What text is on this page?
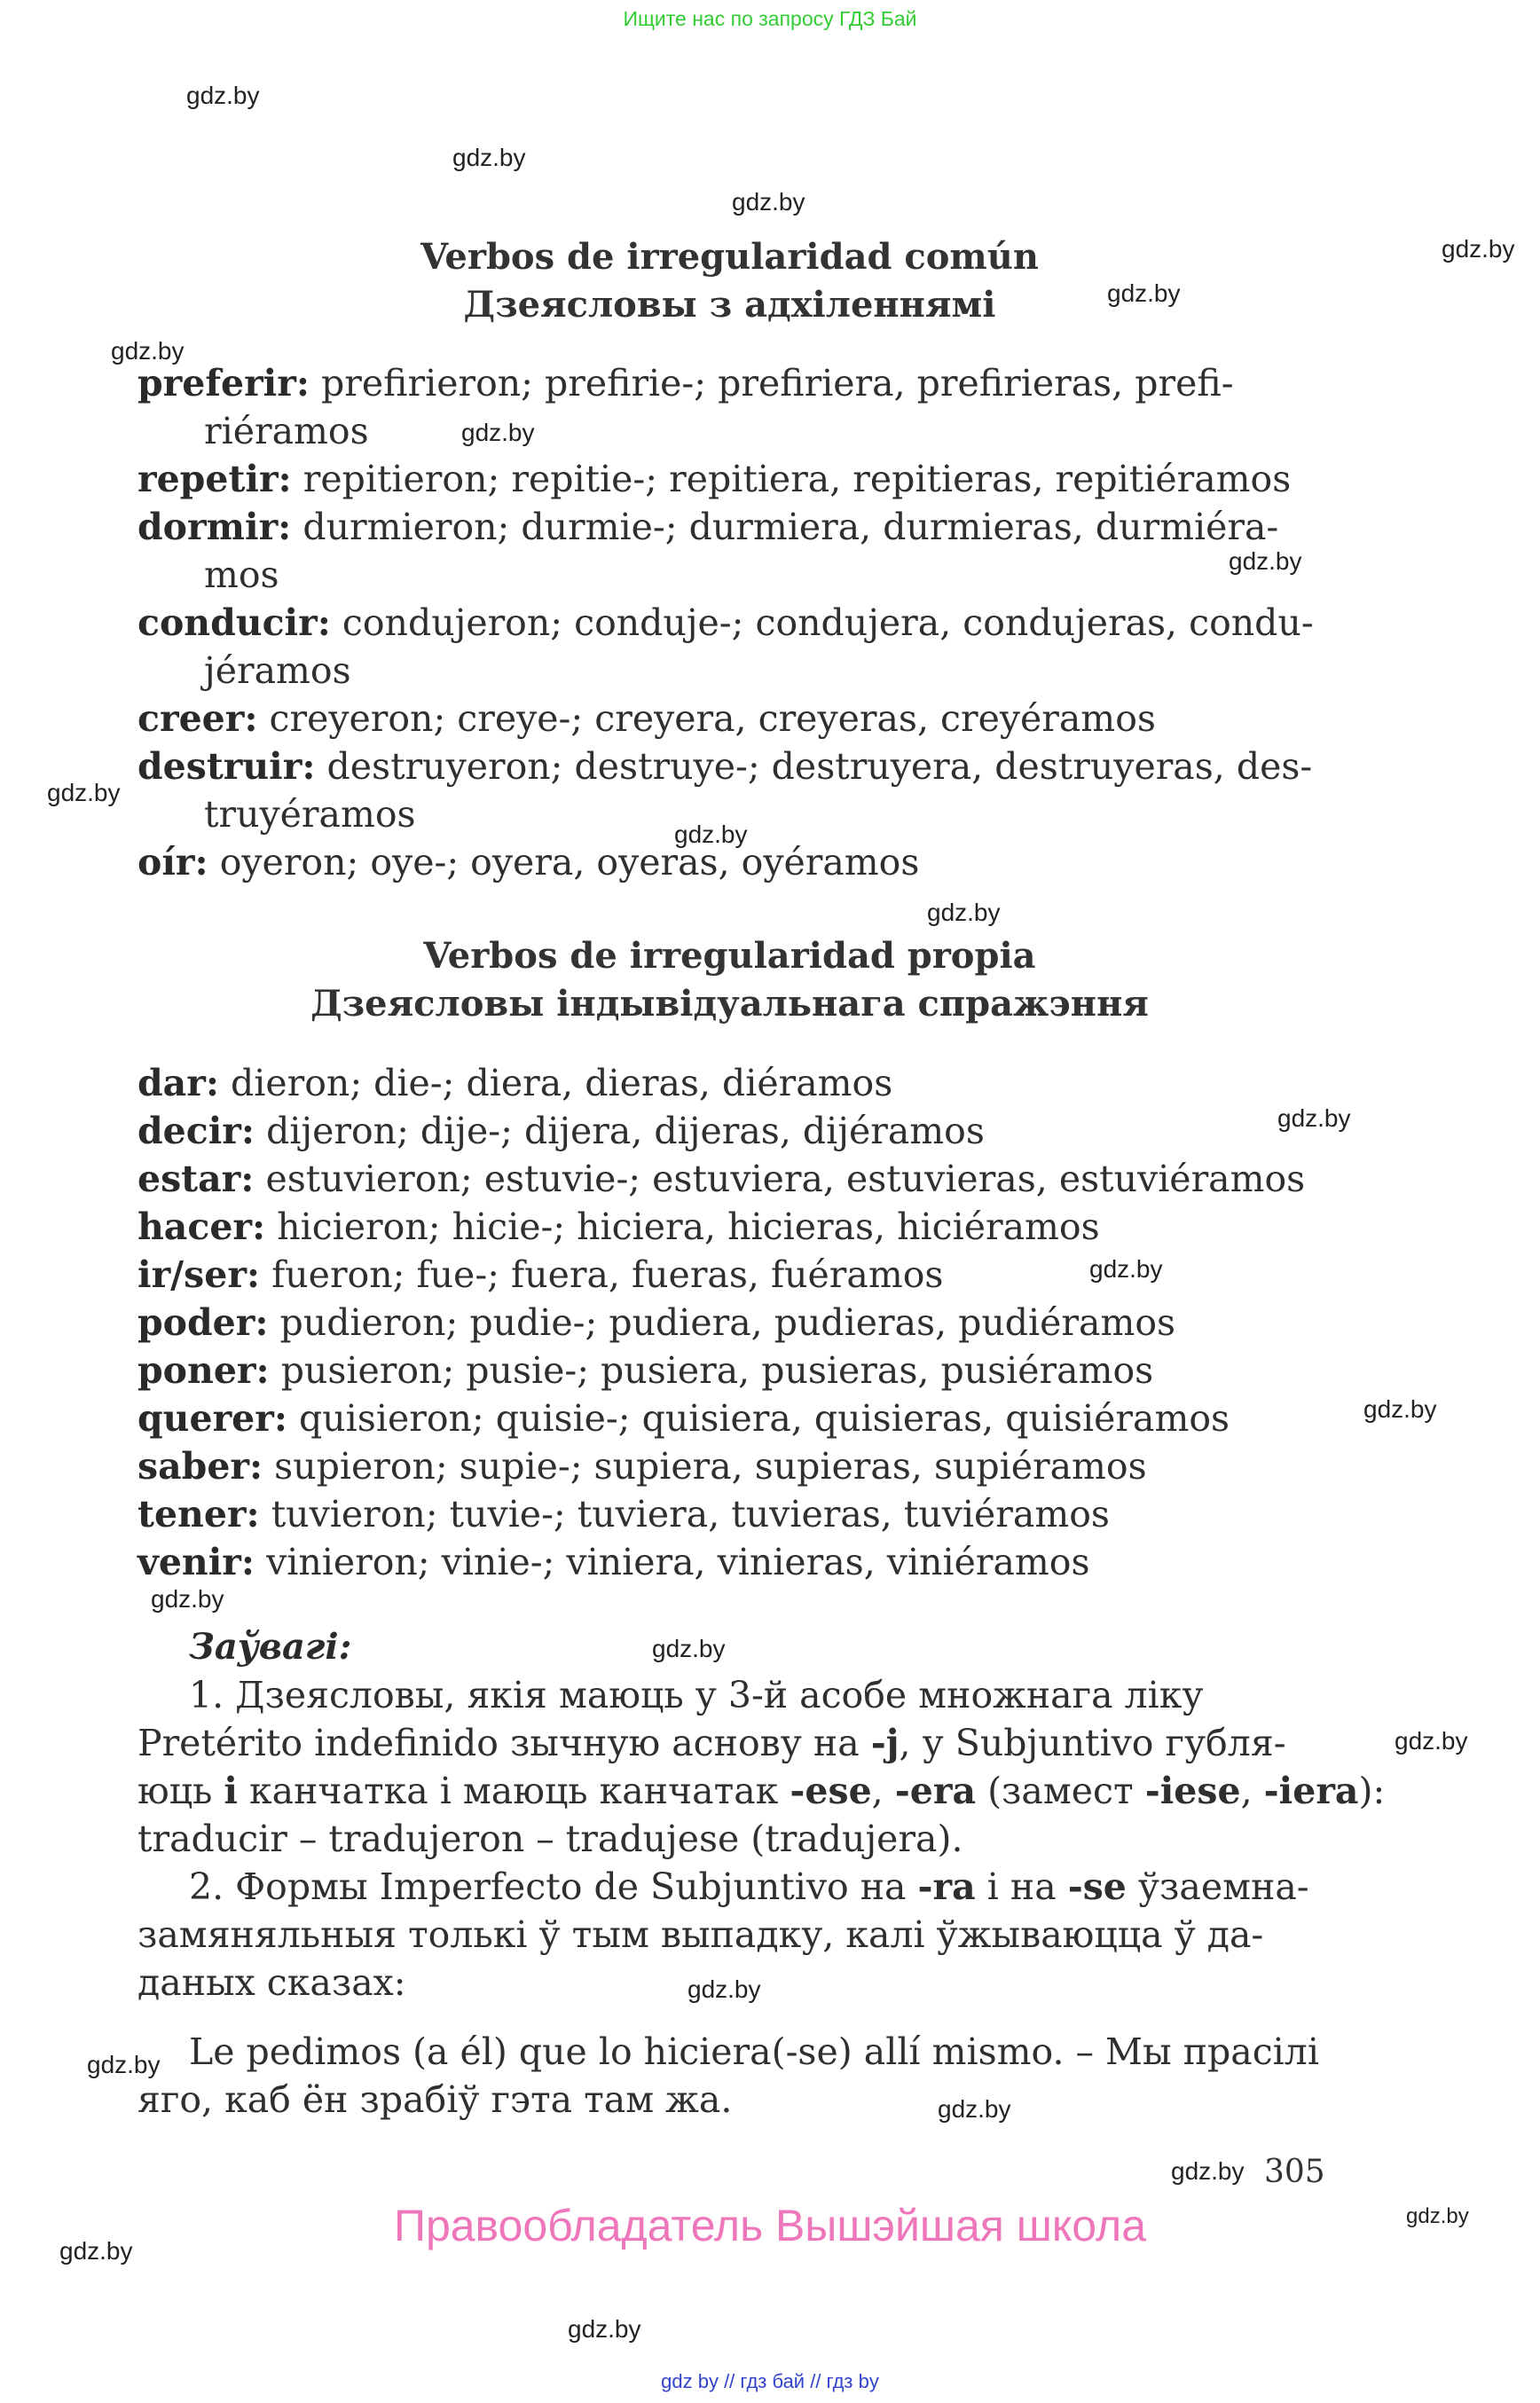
Ищите нас по запросу ГДЗ Бай
gdz.by
gdz.by
gdz.by
gdz.by
gdz.by
gdz.by
gdz.by
gdz.by
gdz.by
gdz.by
gdz.by
gdz.by
gdz.by
gdz.by
gdz.by
gdz.by
gdz.by
gdz.by
gdz.by
gdz.by
gdz.by
gdz.by
gdz.by
gdz.by
Verbos de irregularidad común
Дзеясловы з адхіленнямі
preferir: prefirieron; prefirie-; prefiriera, prefirieras, prefi-
riéramos
repetir: repitieron; repitie-; repitiera, repitieras, repitiéramos
dormir: durmieron; durmie-; durmiera, durmieras, durmiéra-
mos
conducir: condujeron; conduje-; condujera, condujeras, condu-
jéramos
creer: creyeron; creye-; creyera, creyeras, creyéramos
destruir: destruyeron; destruye-; destruyera, destruyeras, des-
truyéramos
oír: oyeron; oye-; oyera, oyeras, oyéramos
Verbos de irregularidad propia
Дзеясловы індывідуальнага спражэння
dar: dieron; die-; diera, dieras, diéramos
decir: dijeron; dije-; dijera, dijeras, dijéramos
estar: estuvieron; estuvie-; estuviera, estuvieras, estuviéramos
hacer: hicieron; hicie-; hiciera, hicieras, hiciéramos
ir/ser: fueron; fue-; fuera, fueras, fuéramos
poder: pudieron; pudie-; pudiera, pudieras, pudiéramos
poner: pusieron; pusie-; pusiera, pusieras, pusiéramos
querer: quisieron; quisie-; quisiera, quisieras, quisiéramos
saber: supieron; supie-; supiera, supieras, supiéramos
tener: tuvieron; tuvie-; tuviera, tuvieras, tuviéramos
venir: vinieron; vinie-; viniera, vinieras, viniéramos
Заўвагі:
1. Дзеясловы, якія маюць у 3-й асобе множнага ліку
Pretérito indefinido зычную аснову на -j, у Subjuntivo губля-
юць і канчатка і маюць канчатак -ese, -era (замест -iese, -iera):
traducir – tradujeron – tradujese (tradujera).
2. Формы Imperfecto de Subjuntivo на -ra і на -se ўзаемна-
замяняльныя толькі ў тым выпадку, калі ўжываюцца ў да-
даных сказах:
Le pedimos (a él) que lo hiciera(-se) allí mismo. – Мы прасілі
яго, каб ён зрабіў гэта там жа.
305
Правообладатель Вышэйшая школа
gdz by // гдз бай // гдз by
